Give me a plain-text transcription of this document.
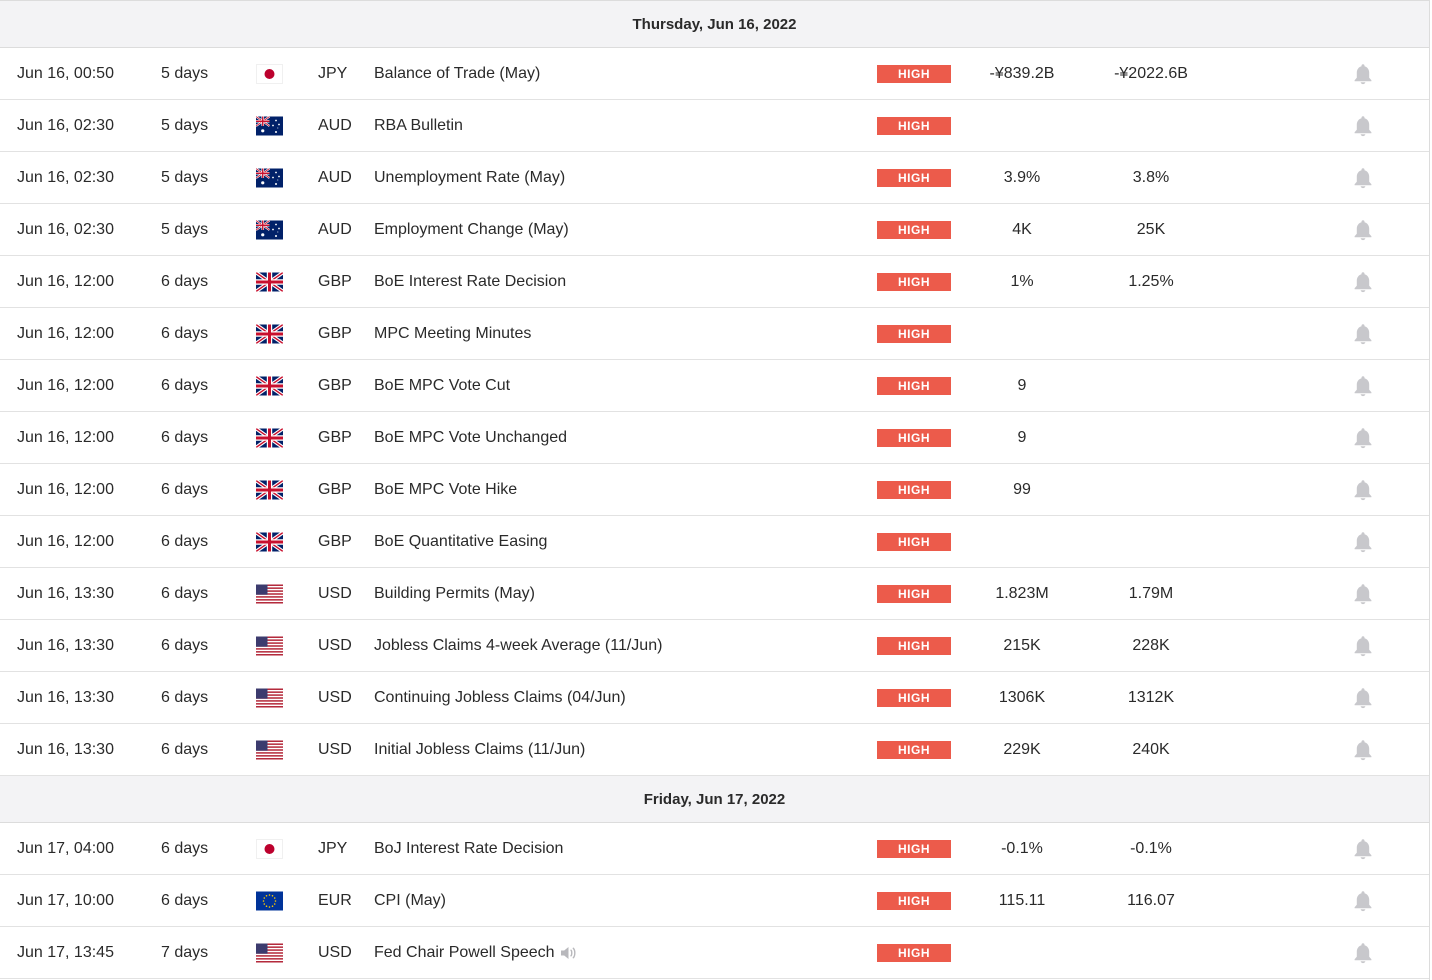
Thursday, Jun 16, 2022
Jun 16, 00:50	5 days	JPY Balance of Trade (May)	HIGH	-¥839.2B	-¥2022.6B
Jun 16, 02:30	5 days	AUD RBA Bulletin	HIGH
Jun 16, 02:30	5 days	AUD Unemployment Rate (May)	HIGH	3.9%	3.8%
Jun 16, 02:30	5 days	AUD Employment Change (May)	HIGH	4K	25K
Jun 16, 12:00	6 days	GBP BoE Interest Rate Decision	HIGH	1%	1.25%
Jun 16, 12:00	6 days	GBP MPC Meeting Minutes	HIGH
Jun 16, 12:00	6 days	GBP BoE MPC Vote Cut	HIGH	9
Jun 16, 12:00	6 days	GBP BoE MPC Vote Unchanged	HIGH	9
Jun 16, 12:00	6 days	GBP BoE MPC Vote Hike	HIGH	99
Jun 16, 12:00	6 days	GBP BoE Quantitative Easing	HIGH
Jun 16, 13:30	6 days	USD Building Permits (May)	HIGH	1.823M	1.79M
Jun 16, 13:30	6 days	USD Jobless Claims 4-week Average (11/Jun)	HIGH	215K	228K
Jun 16, 13:30	6 days	USD Continuing Jobless Claims (04/Jun)	HIGH	1306K	1312K
Jun 16, 13:30	6 days	USD Initial Jobless Claims (11/Jun)	HIGH	229K	240K
Friday, Jun 17, 2022
Jun 17, 04:00	6 days	JPY BoJ Interest Rate Decision	HIGH	-0.1%	-0.1%
Jun 17, 10:00	6 days	EUR CPI (May)	HIGH	115.11	116.07
Jun 17, 13:45	7 days	USD Fed Chair Powell Speech	HIGH
